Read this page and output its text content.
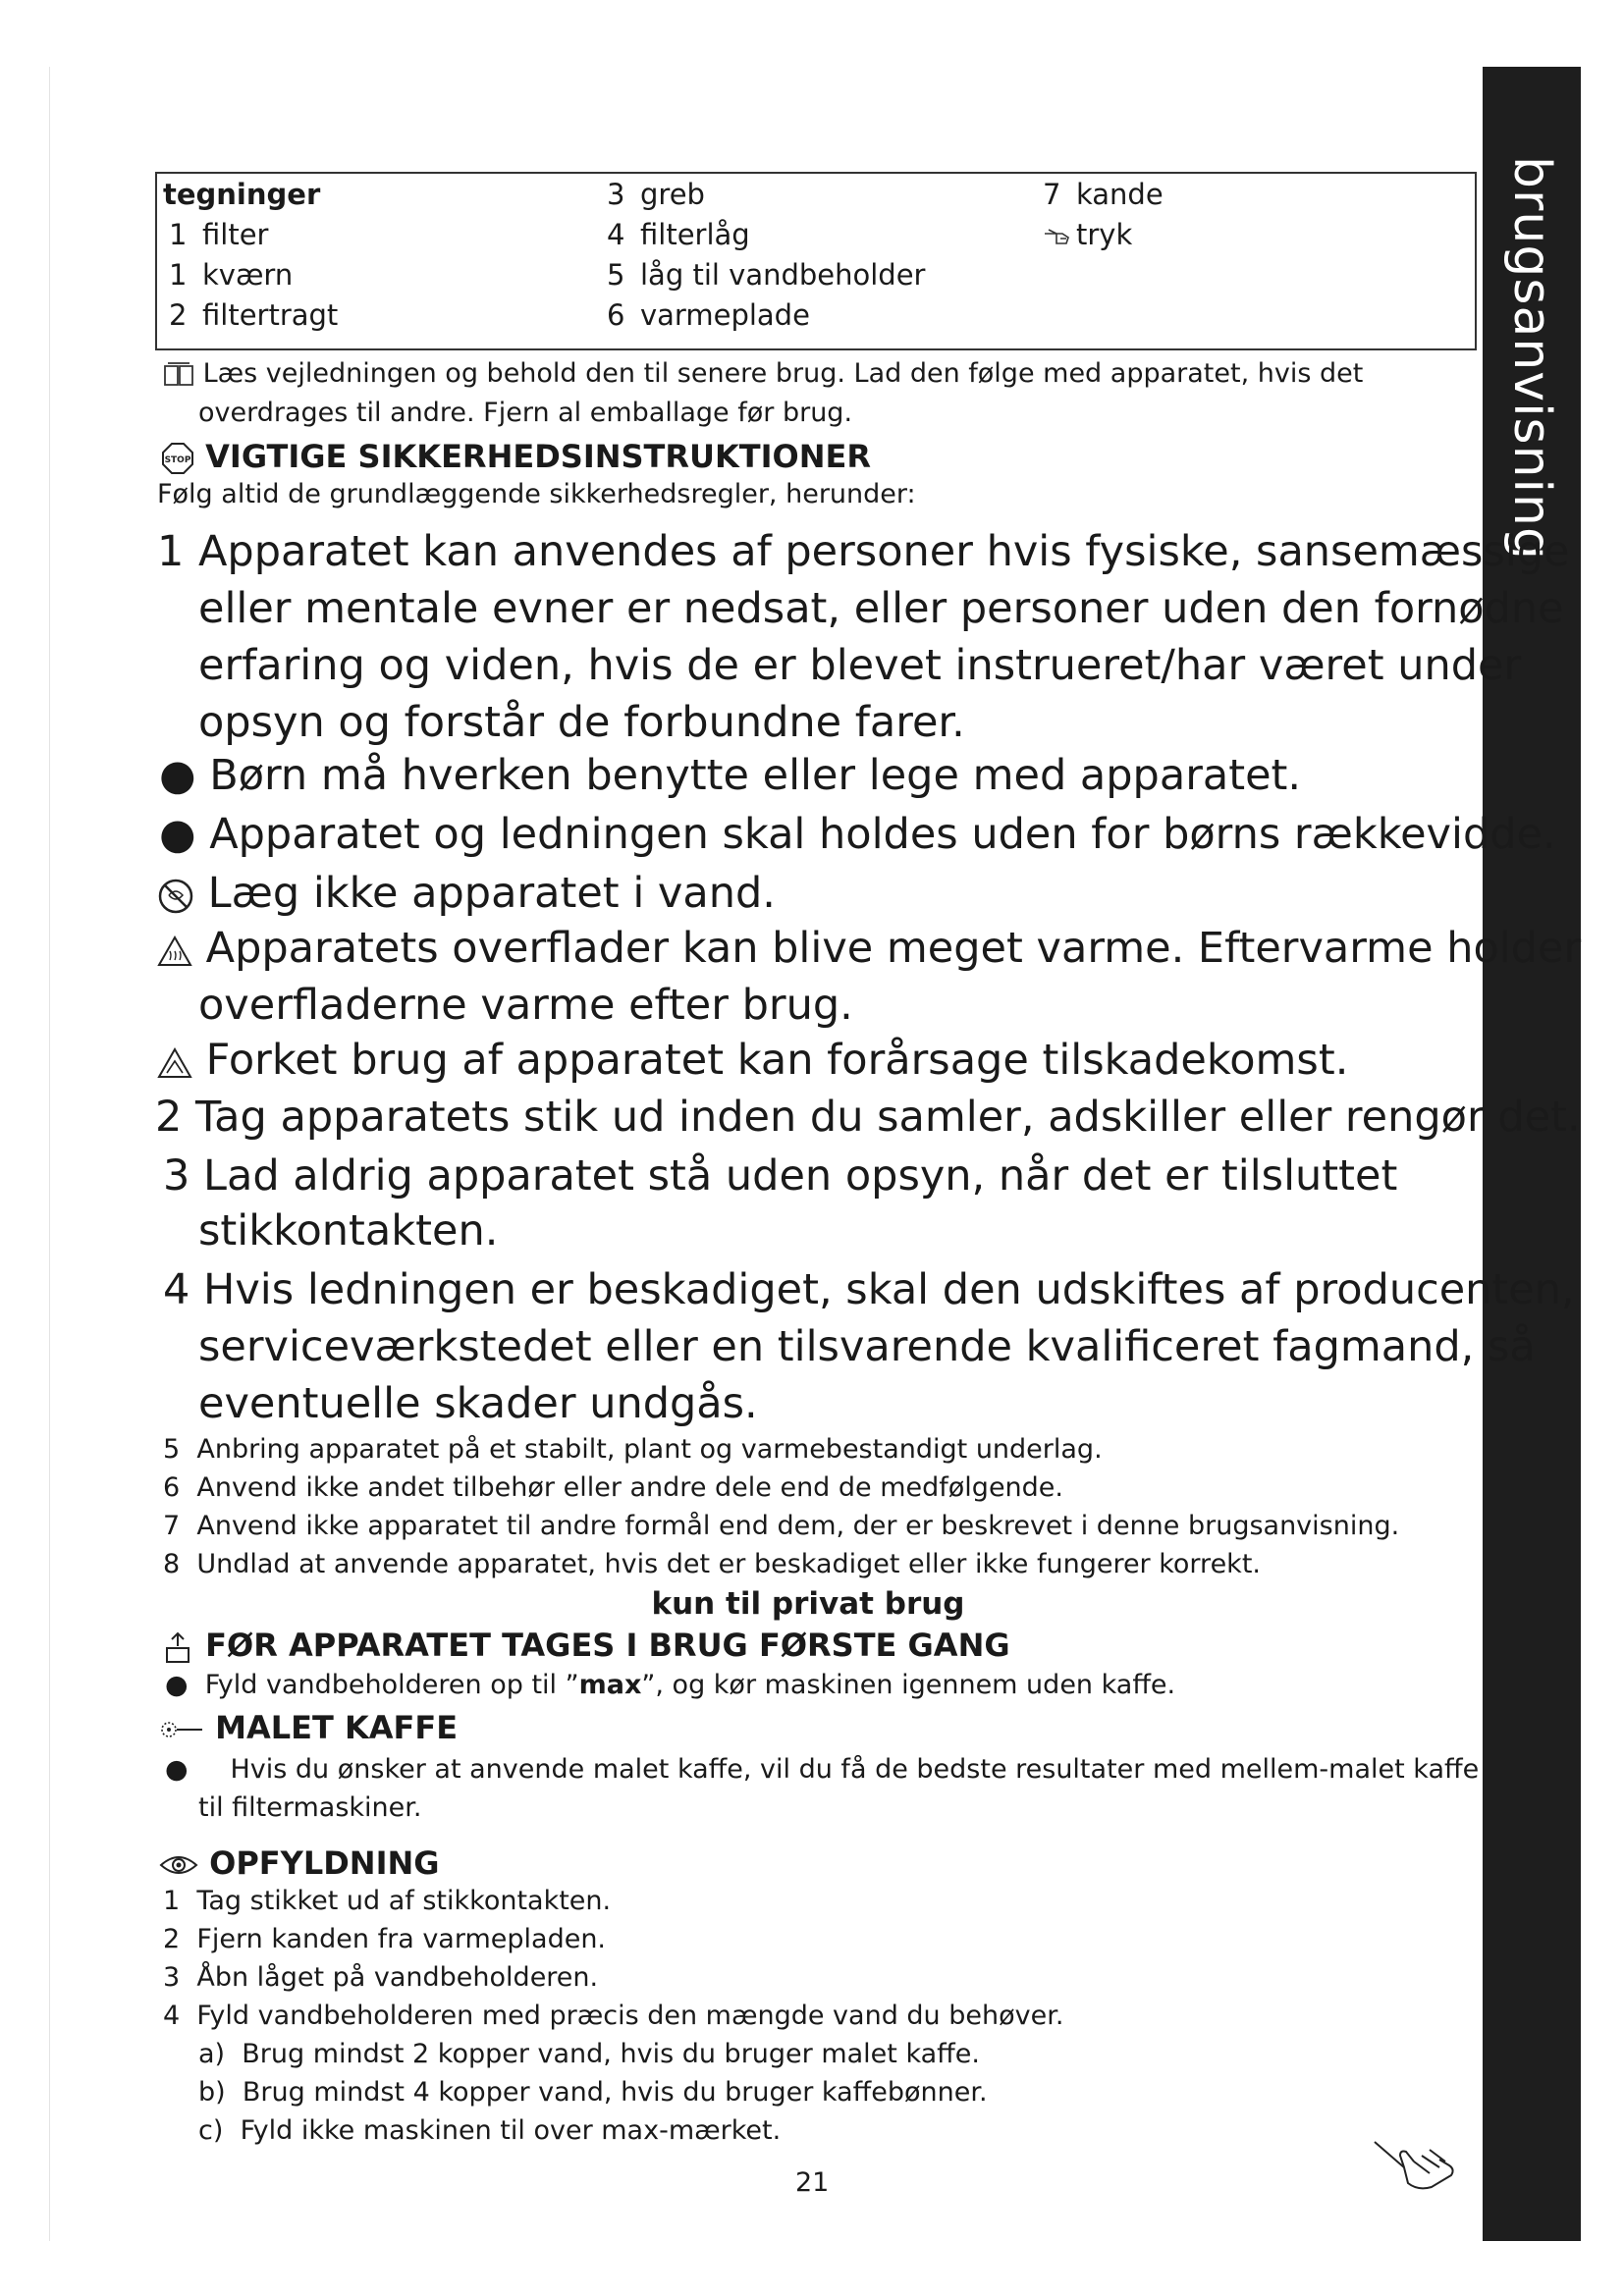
brugsanvisning
tegninger
1 filter
1 kværn
2 filtertragt
3 greb
4 filterlåg
5 låg til vandbeholder
6 varmeplade
7 kande
tryk
Læs vejledningen og behold den til senere brug. Lad den følge med apparatet, hvis det
overdrages til andre. Fjern al emballage før brug.
STOP VIGTIGE SIKKERHEDSINSTRUKTIONER
Følg altid de grundlæggende sikkerhedsregler, herunder:
1 Apparatet kan anvendes af personer hvis fysiske, sansemæssige
eller mentale evner er nedsat, eller personer uden den fornødne
erfaring og viden, hvis de er blevet instrueret/har været under
opsyn og forstår de forbundne farer.
● Børn må hverken benytte eller lege med apparatet.
● Apparatet og ledningen skal holdes uden for børns rækkevidde.
Læg ikke apparatet i vand.
Apparatets overflader kan blive meget varme. Eftervarme holder
overfladerne varme efter brug.
Forket brug af apparatet kan forårsage tilskadekomst.
2 Tag apparatets stik ud inden du samler, adskiller eller rengør det.
3 Lad aldrig apparatet stå uden opsyn, når det er tilsluttet
stikkontakten.
4 Hvis ledningen er beskadiget, skal den udskiftes af producenten,
serviceværkstedet eller en tilsvarende kvalificeret fagmand, så
eventuelle skader undgås.
5 Anbring apparatet på et stabilt, plant og varmebestandigt underlag.
6 Anvend ikke andet tilbehør eller andre dele end de medfølgende.
7 Anvend ikke apparatet til andre formål end dem, der er beskrevet i denne brugsanvisning.
8 Undlad at anvende apparatet, hvis det er beskadiget eller ikke fungerer korrekt.
kun til privat brug
FØR APPARATET TAGES I BRUG FØRSTE GANG
● Fyld vandbeholderen op til ”max”, og kør maskinen igennem uden kaffe.
MALET KAFFE
● Hvis du ønsker at anvende malet kaffe, vil du få de bedste resultater med mellem-malet kaffe
til filtermaskiner.
OPFYLDNING
1 Tag stikket ud af stikkontakten.
2 Fjern kanden fra varmepladen.
3 Åbn låget på vandbeholderen.
4 Fyld vandbeholderen med præcis den mængde vand du behøver.
a) Brug mindst 2 kopper vand, hvis du bruger malet kaffe.
b) Brug mindst 4 kopper vand, hvis du bruger kaffebønner.
c) Fyld ikke maskinen til over max-mærket.
21
